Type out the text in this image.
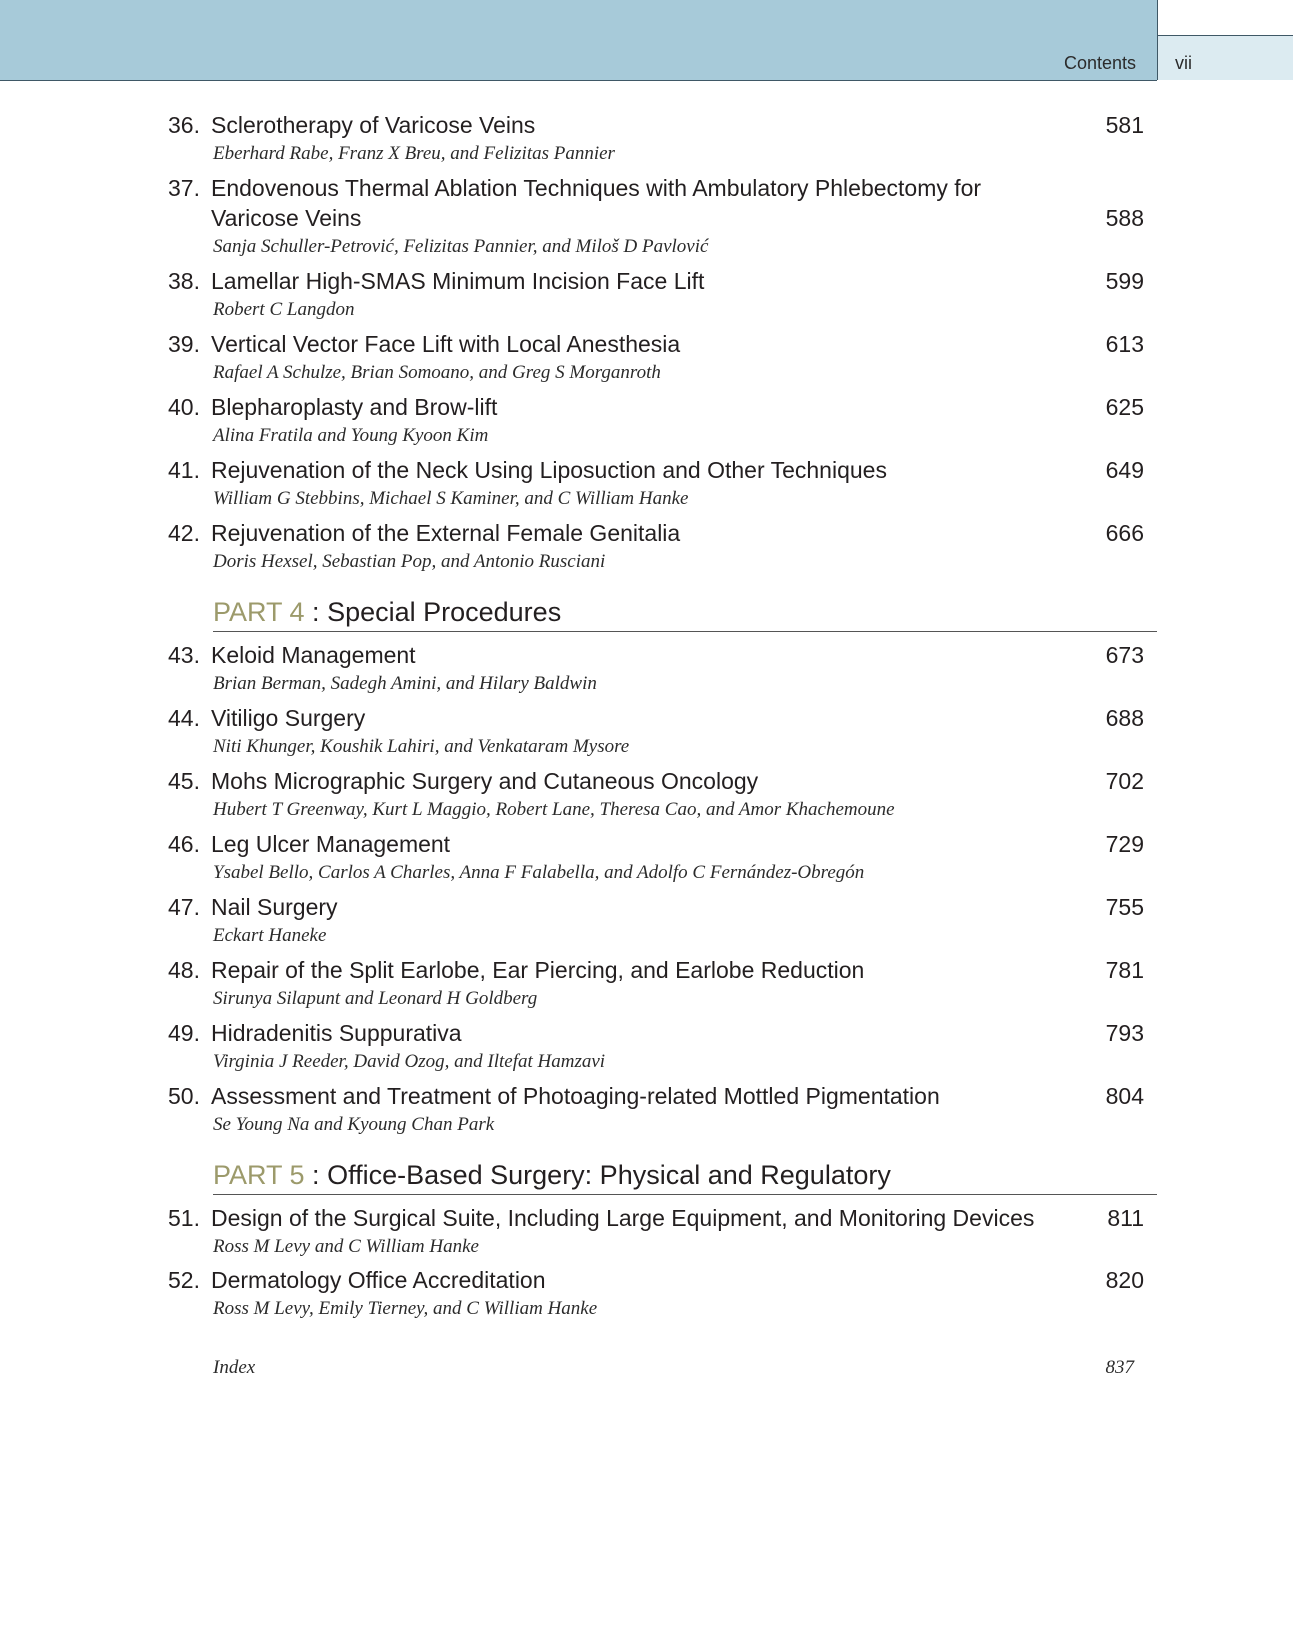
Contents vii
36. Sclerotherapy of Varicose Veins	581
Eberhard Rabe, Franz X Breu, and Felizitas Pannier
37. Endovenous Thermal Ablation Techniques with Ambulatory Phlebectomy for
Varicose Veins	588
Sanja Schuller-Petrović, Felizitas Pannier, and Miloš D Pavlović
38. Lamellar High-SMAS Minimum Incision Face Lift	599
Robert C Langdon
39. Vertical Vector Face Lift with Local Anesthesia	613
Rafael A Schulze, Brian Somoano, and Greg S Morganroth
40. Blepharoplasty and Brow-lift	625
Alina Fratila and Young Kyoon Kim
41. Rejuvenation of the Neck Using Liposuction and Other Techniques	649
William G Stebbins, Michael S Kaminer, and C William Hanke
42. Rejuvenation of the External Female Genitalia	666
Doris Hexsel, Sebastian Pop, and Antonio Rusciani
PART 4 : Special Procedures
43. Keloid Management	673
Brian Berman, Sadegh Amini, and Hilary Baldwin
44. Vitiligo Surgery	688
Niti Khunger, Koushik Lahiri, and Venkataram Mysore
45. Mohs Micrographic Surgery and Cutaneous Oncology	702
Hubert T Greenway, Kurt L Maggio, Robert Lane, Theresa Cao, and Amor Khachemoune
46. Leg Ulcer Management	729
Ysabel Bello, Carlos A Charles, Anna F Falabella, and Adolfo C Fernández-Obregón
47. Nail Surgery	755
Eckart Haneke
48. Repair of the Split Earlobe, Ear Piercing, and Earlobe Reduction	781
Sirunya Silapunt and Leonard H Goldberg
49. Hidradenitis Suppurativa	793
Virginia J Reeder, David Ozog, and Iltefat Hamzavi
50. Assessment and Treatment of Photoaging-related Mottled Pigmentation	804
Se Young Na and Kyoung Chan Park
PART 5 : Office-Based Surgery: Physical and Regulatory
51. Design of the Surgical Suite, Including Large Equipment, and Monitoring Devices	811
Ross M Levy and C William Hanke
52. Dermatology Office Accreditation	820
Ross M Levy, Emily Tierney, and C William Hanke
Index	837
